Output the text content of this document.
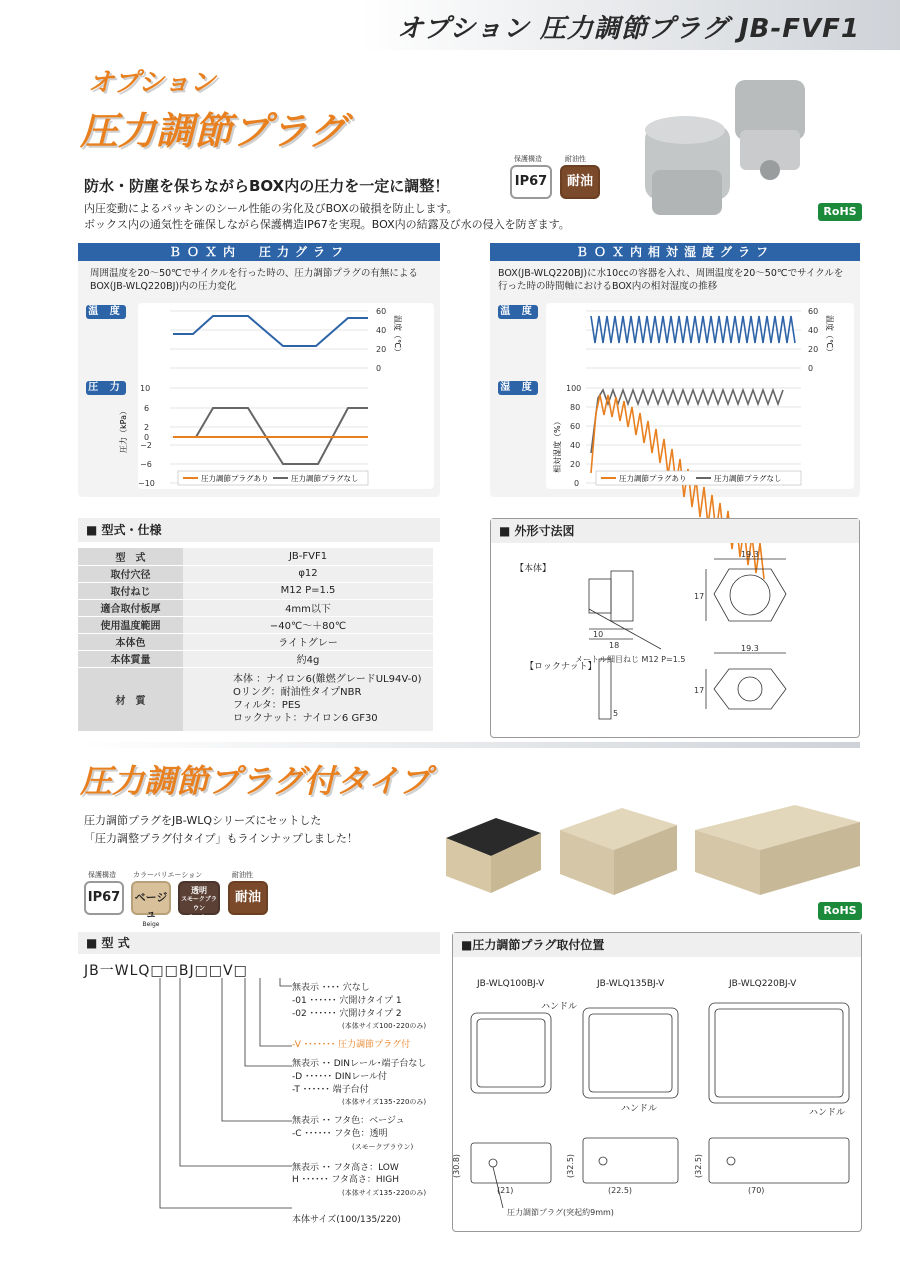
オプション 圧力調節プラグ JB-FVF1
オプション
圧力調節プラグ
RoHS
保護構造
IP67
耐油性
耐油
防水・防塵を保ちながらBOX内の圧力を一定に調整！
内圧変動によるパッキンのシール性能の劣化及びBOXの破損を防止します。
ボックス内の通気性を確保しながら保護構造IP67を実現。BOX内の結露及び水の侵入を防ぎます。
ＢＯＸ内　圧力グラフ
周囲温度を20～50℃でサイクルを行った時の、圧力調節プラグの有無による
BOX(JB-WLQ220BJ)内の圧力変化
温 度
圧 力 10
6
2
0
−2
−6
−10
60
40
20
0
温度（℃）
圧力（kPa）
圧力調節プラグあり	圧力調節プラグなし
ＢＯＸ内相対湿度グラフ
BOX(JB-WLQ220BJ)に水10ccの容器を入れ、周囲温度を20～50℃でサイクルを
行った時の時間軸におけるBOX内の相対湿度の推移
温 度
湿 度	100
80
60
40
20
0
60
40
20
0
温度（℃）
相対湿度（%）
圧力調節プラグあり	圧力調節プラグなし
■ 型式・仕様
型　式	JB-FVF1
取付穴径	φ12
取付ねじ	M12 P=1.5
適合取付板厚	4mm以下
使用温度範囲	−40℃～＋80℃
本体色	ライトグレー
本体質量	約4g
材　質	本体 ：ナイロン6(難燃グレードUL94V-0)
Oリング：耐油性タイプNBR
フィルタ：PES
ロックナット：ナイロン6 GF30
■ 外形寸法図
【本体】
【ロックナット】
10
18
19.3
17
19.3
17
5
メートル細目ねじ M12 P=1.5
圧力調節プラグ付タイプ
圧力調節プラグをJB-WLQシリーズにセットした
「圧力調整プラグ付タイプ」もラインナップしました！
保護構造
IP67
カラーバリエーション
ベージュ
Beige
透明
スモークブラウン
Smoke Brown
耐油性
耐油
RoHS
■ 型 式
JB一WLQ□□BJ□□V□
無表示 ････ 穴なし
-01 ･･････ 穴開けタイプ 1
-02 ･･････ 穴開けタイプ 2
(本体サイズ100･220のみ)
-V ･･･････ 圧力調節プラグ付
無表示 ･･ DINレール･端子台なし
-D ･･････ DINレール付
-T ･･････ 端子台付
(本体サイズ135･220のみ)
無表示 ･･ フタ色：ベージュ
-C ･･････ フタ色：透明
(スモークブラウン)
無表示 ･･ フタ高さ：LOW
H ･･････ フタ高さ：HIGH
(本体サイズ135･220のみ)
本体サイズ(100/135/220)
■圧力調節プラグ取付位置
JB-WLQ100BJ-V	JB-WLQ135BJ-V	JB-WLQ220BJ-V
ハンドル
ハンドル	ハンドル
(30.8)
(21)
(32.5)
(22.5)
(32.5)
(70)
圧力調節プラグ(突起約9mm)
